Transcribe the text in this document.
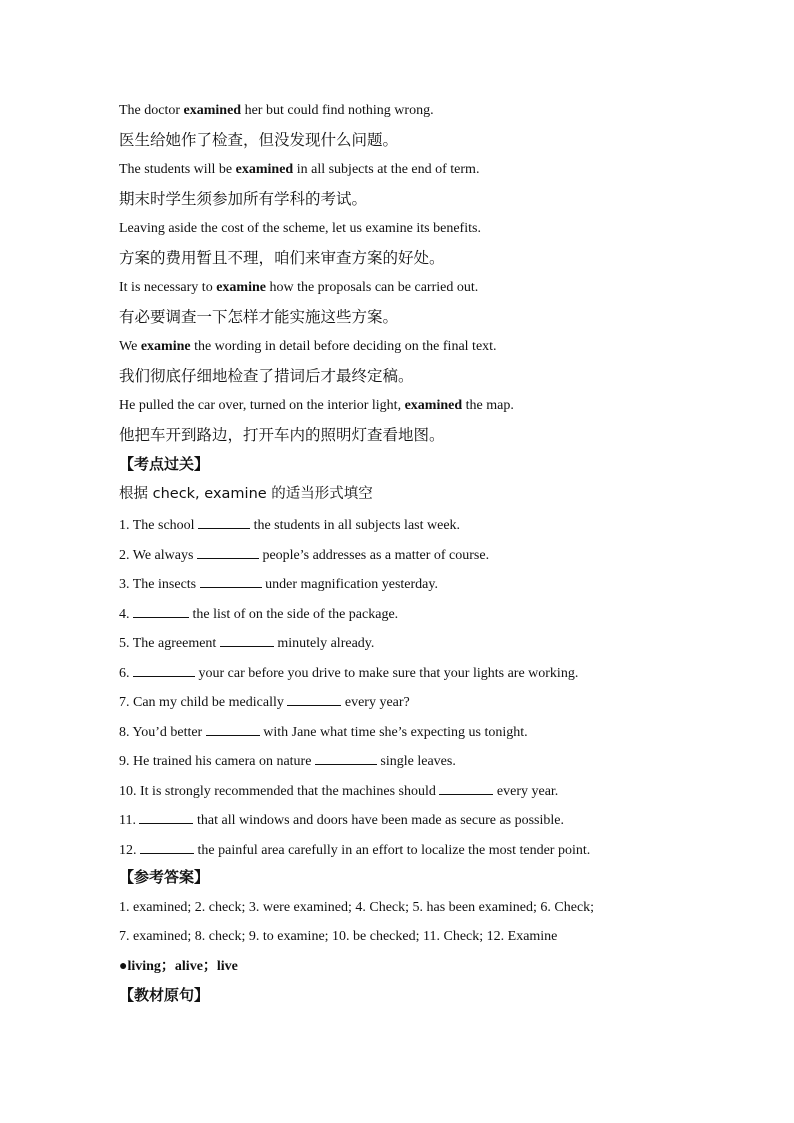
The doctor examined her but could find nothing wrong.
医生给她作了检查，但没发现什么问题。
The students will be examined in all subjects at the end of term.
期末时学生须参加所有学科的考试。
Leaving aside the cost of the scheme, let us examine its benefits.
方案的费用暂且不理，咱们来审查方案的好处。
It is necessary to examine how the proposals can be carried out.
有必要调查一下怎样才能实施这些方案。
We examine the wording in detail before deciding on the final text.
我们彻底仔细地检查了措词后才最终定稿。
He pulled the car over, turned on the interior light, examined the map.
他把车开到路边，打开车内的照明灯查看地图。
【考点过关】
根据 check, examine 的适当形式填空
1. The school	the students in all subjects last week.
2. We always	people’s addresses as a matter of course.
3. The insects	under magnification yesterday.
4.	the list of on the side of the package.
5. The agreement	minutely already.
6.	your car before you drive to make sure that your lights are working.
7. Can my child be medically	every year?
8. You’d better	with Jane what time she’s expecting us tonight.
9. He trained his camera on nature	single leaves.
10. It is strongly recommended that the machines should	every year.
11.	that all windows and doors have been made as secure as possible.
12.	the painful area carefully in an effort to localize the most tender point.
【参考答案】
1. examined; 2. check; 3. were examined; 4. Check; 5. has been examined; 6. Check;
7. examined; 8. check; 9. to examine; 10. be checked; 11. Check; 12. Examine
●living；alive；live
【教材原句】
